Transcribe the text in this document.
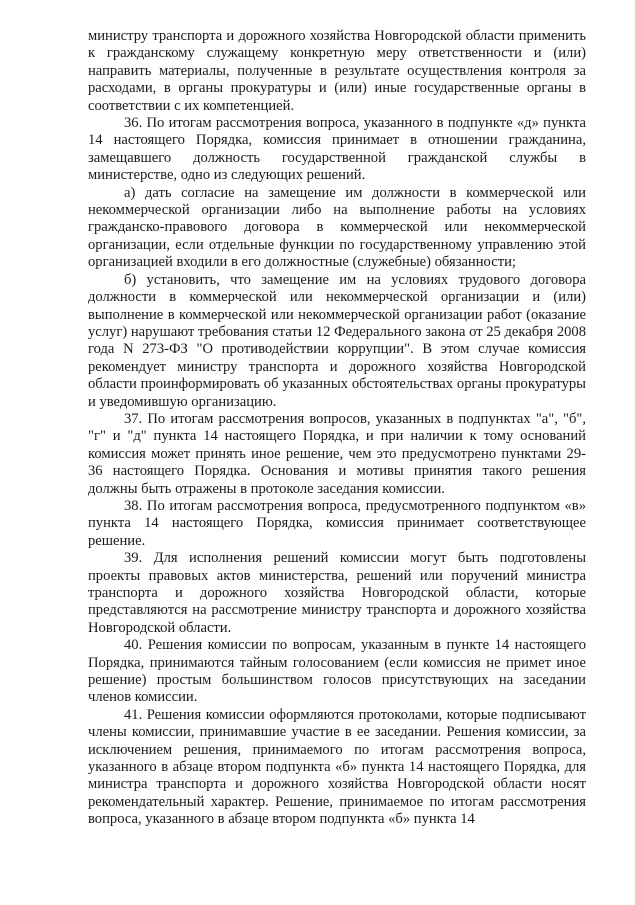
министру транспорта и дорожного хозяйства Новгородской области применить к гражданскому служащему конкретную меру ответственности и (или) направить материалы, полученные в результате осуществления контроля за расходами, в органы прокуратуры и (или) иные государственные органы в соответствии с их компетенцией.

36. По итогам рассмотрения вопроса, указанного в подпункте «д» пункта 14 настоящего Порядка, комиссия принимает в отношении гражданина, замещавшего должность государственной гражданской службы в министерстве, одно из следующих решений.

а) дать согласие на замещение им должности в коммерческой или некоммерческой организации либо на выполнение работы на условиях гражданско-правового договора в коммерческой или некоммерческой организации, если отдельные функции по государственному управлению этой организацией входили в его должностные (служебные) обязанности;

б) установить, что замещение им на условиях трудового договора должности в коммерческой или некоммерческой организации и (или) выполнение в коммерческой или некоммерческой организации работ (оказание услуг) нарушают требования статьи 12 Федерального закона от 25 декабря 2008 года N 273-ФЗ "О противодействии коррупции". В этом случае комиссия рекомендует министру транспорта и дорожного хозяйства Новгородской области проинформировать об указанных обстоятельствах органы прокуратуры и уведомившую организацию.

37. По итогам рассмотрения вопросов, указанных в подпунктах "а", "б", "г" и "д" пункта 14 настоящего Порядка, и при наличии к тому оснований комиссия может принять иное решение, чем это предусмотрено пунктами 29-36 настоящего Порядка. Основания и мотивы принятия такого решения должны быть отражены в протоколе заседания комиссии.

38. По итогам рассмотрения вопроса, предусмотренного подпунктом «в» пункта 14 настоящего Порядка, комиссия принимает соответствующее решение.

39. Для исполнения решений комиссии могут быть подготовлены проекты правовых актов министерства, решений или поручений министра транспорта и дорожного хозяйства Новгородской области, которые представляются на рассмотрение министру транспорта и дорожного хозяйства Новгородской области.

40. Решения комиссии по вопросам, указанным в пункте 14 настоящего Порядка, принимаются тайным голосованием (если комиссия не примет иное решение) простым большинством голосов присутствующих на заседании членов комиссии.

41. Решения комиссии оформляются протоколами, которые подписывают члены комиссии, принимавшие участие в ее заседании. Решения комиссии, за исключением решения, принимаемого по итогам рассмотрения вопроса, указанного в абзаце втором подпункта «б» пункта 14 настоящего Порядка, для министра транспорта и дорожного хозяйства Новгородской области носят рекомендательный характер. Решение, принимаемое по итогам рассмотрения вопроса, указанного в абзаце втором подпункта «б» пункта 14
